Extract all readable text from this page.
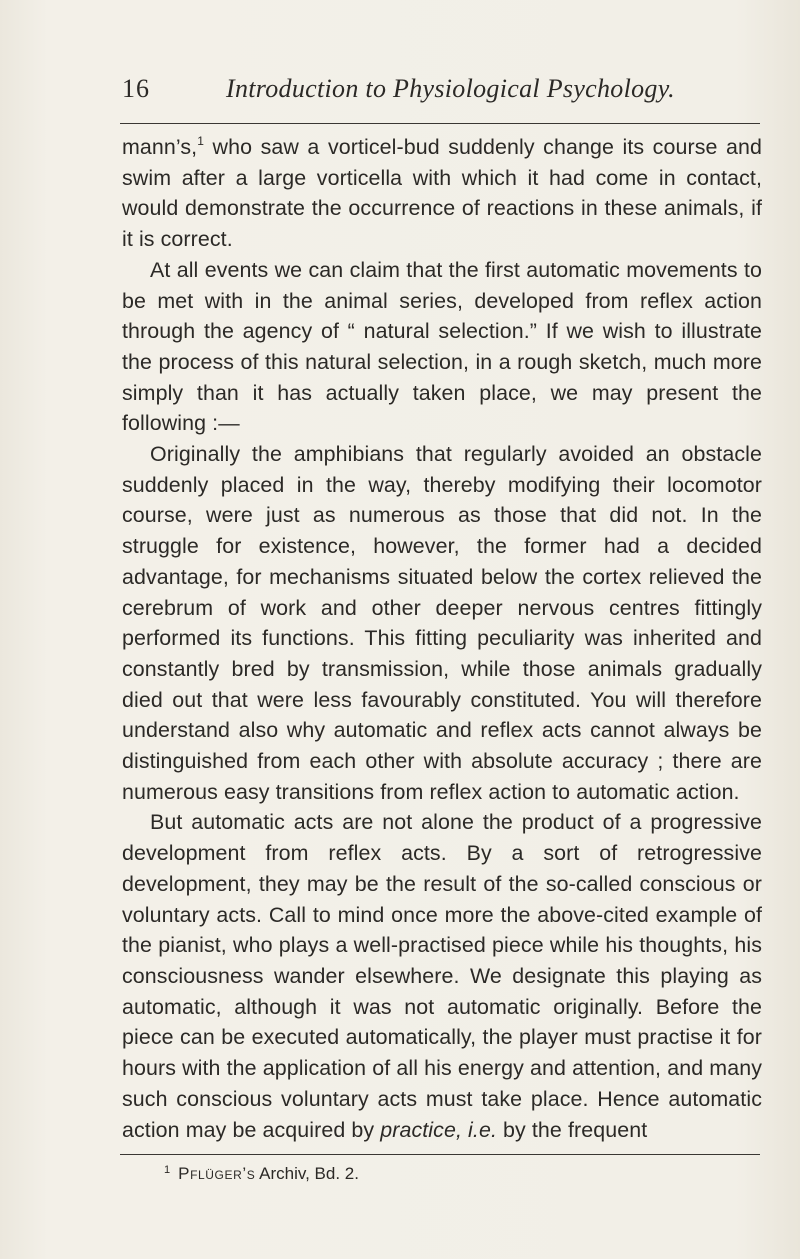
16	Introduction to Physiological Psychology.

mann’s,$^1$ who saw a vorticel-bud suddenly change its course and swim after a large vorticella with which it had come in contact, would demonstrate the occurrence of reactions in these animals, if it is correct.

At all events we can claim that the first automatic movements to be met with in the animal series, developed from reflex action through the agency of “ natural selection.” If we wish to illustrate the process of this natural selection, in a rough sketch, much more simply than it has actually taken place, we may present the following :—

Originally the amphibians that regularly avoided an obstacle suddenly placed in the way, thereby modifying their locomotor course, were just as numerous as those that did not. In the struggle for existence, however, the former had a decided advantage, for mechanisms situated below the cortex relieved the cerebrum of work and other deeper nervous centres fittingly performed its functions. This fitting peculiarity was inherited and constantly bred by transmission, while those animals gradually died out that were less favourably constituted. You will therefore understand also why automatic and reflex acts cannot always be distinguished from each other with absolute accuracy ; there are numerous easy transitions from reflex action to automatic action.

But automatic acts are not alone the product of a progressive development from reflex acts. By a sort of retrogressive development, they may be the result of the so-called conscious or voluntary acts. Call to mind once more the above-cited example of the pianist, who plays a well-practised piece while his thoughts, his consciousness wander elsewhere. We designate this playing as automatic, although it was not automatic originally. Before the piece can be executed automatically, the player must practise it for hours with the application of all his energy and attention, and many such conscious voluntary acts must take place. Hence automatic action may be acquired by practice, i.e. by the frequent

$^1$ Pflüger’s Archiv, Bd. 2.
